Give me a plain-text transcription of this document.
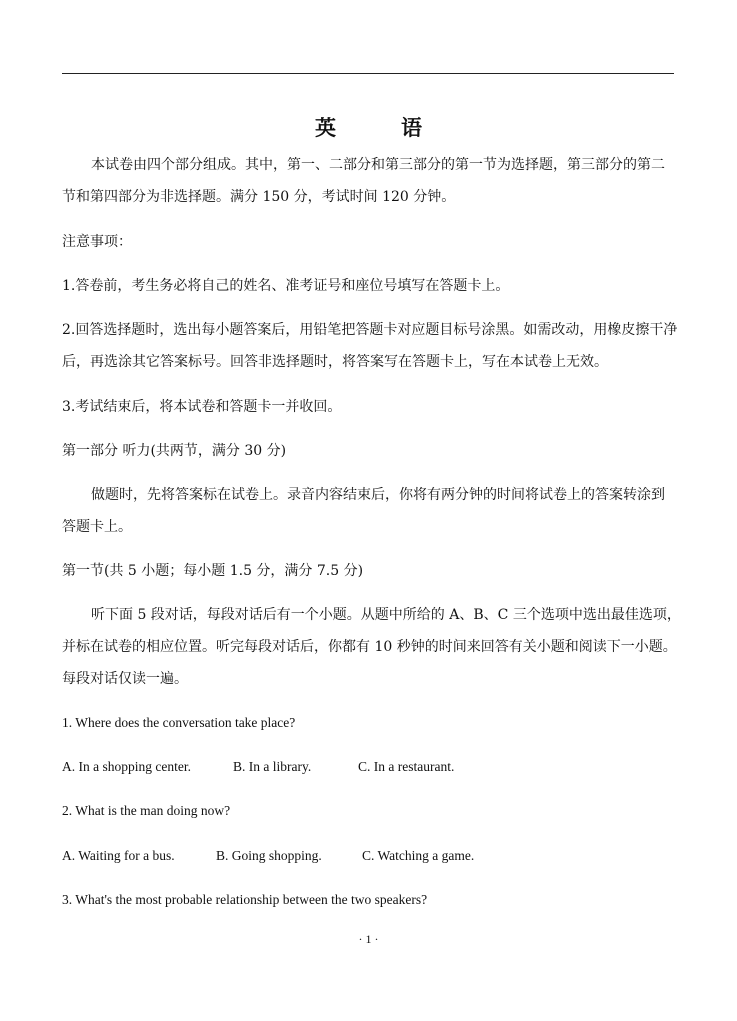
英　语
本试卷由四个部分组成。其中，第一、二部分和第三部分的第一节为选择题，第三部分的第二
节和第四部分为非选择题。满分 150 分，考试时间 120 分钟。
注意事项：
1.答卷前，考生务必将自己的姓名、准考证号和座位号填写在答题卡上。
2.回答选择题时，选出每小题答案后，用铅笔把答题卡对应题目标号涂黑。如需改动，用橡皮擦干净
后，再选涂其它答案标号。回答非选择题时，将答案写在答题卡上，写在本试卷上无效。
3.考试结束后，将本试卷和答题卡一并收回。
第一部分 听力(共两节，满分 30 分)
做题时，先将答案标在试卷上。录音内容结束后，你将有两分钟的时间将试卷上的答案转涂到
答题卡上。
第一节(共 5 小题；每小题 1.5 分，满分 7.5 分)
听下面 5 段对话，每段对话后有一个小题。从题中所给的 A、B、C 三个选项中选出最佳选项，
并标在试卷的相应位置。听完每段对话后，你都有 10 秒钟的时间来回答有关小题和阅读下一小题。
每段对话仅读一遍。
1. Where does the conversation take place?
A. In a shopping center.	B. In a library.	C. In a restaurant.
2. What is the man doing now?
A. Waiting for a bus.	B. Going shopping.	C. Watching a game.
3. What's the most probable relationship between the two speakers?
· 1 ·
